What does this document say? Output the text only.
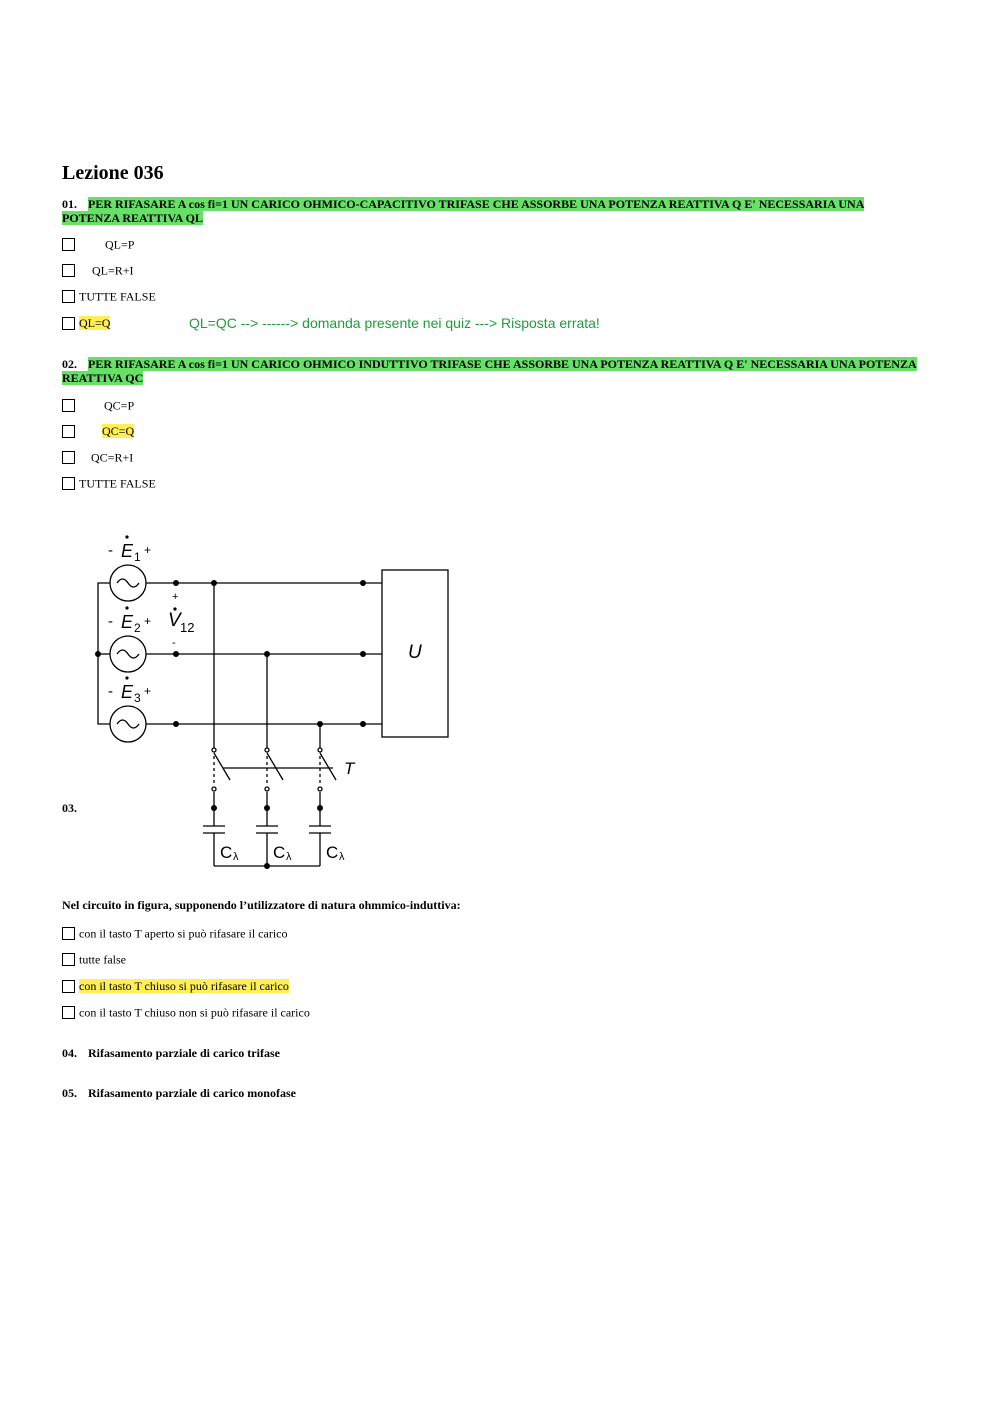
Lezione 036
01. PER RIFASARE A cos fi=1 UN CARICO OHMICO-CAPACITIVO TRIFASE CHE ASSORBE UNA POTENZA REATTIVA Q E' NECESSARIA UNA POTENZA REATTIVA QL
QL=P
QL=R+I
TUTTE FALSE
QL=Q	QL=QC --> ------> domanda presente nei quiz ---> Risposta errata!
02. PER RIFASARE A cos fi=1 UN CARICO OHMICO INDUTTIVO TRIFASE CHE ASSORBE UNA POTENZA REATTIVA Q E' NECESSARIA UNA POTENZA REATTIVA QC
QC=P
QC=Q
QC=R+I
TUTTE FALSE
- E 1 +
- E 2 +
- E 3 +
+
V 12
-	U
T
C λ C λ C λ
03.
Nel circuito in figura, supponendo l’utilizzatore di natura ohmmico-induttiva:
con il tasto T aperto si può rifasare il carico
tutte false
con il tasto T chiuso si può rifasare il carico
con il tasto T chiuso non si può rifasare il carico
04. Rifasamento parziale di carico trifase
05. Rifasamento parziale di carico monofase
